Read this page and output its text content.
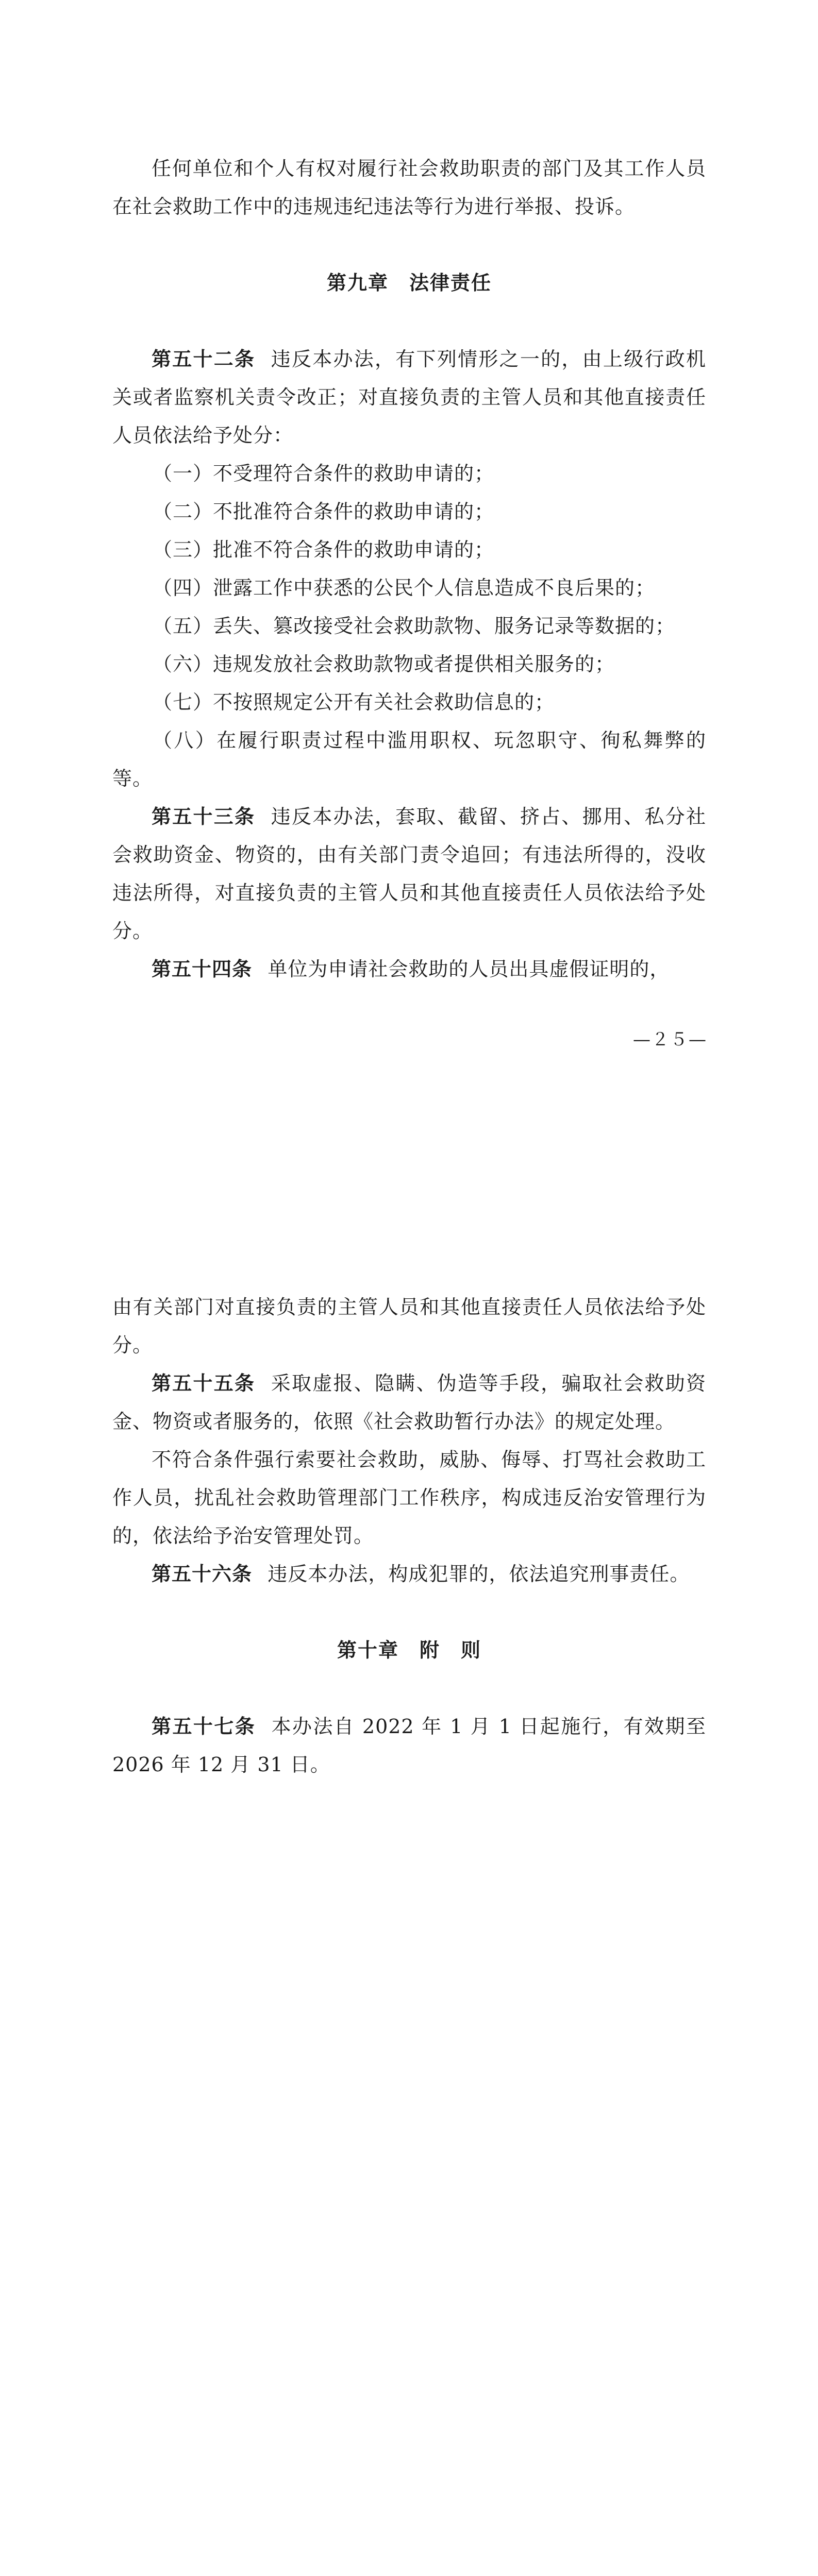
任何单位和个人有权对履行社会救助职责的部门及其工作人员在社会救助工作中的违规违纪违法等行为进行举报、投诉。

第九章　法律责任

第五十二条 违反本办法，有下列情形之一的，由上级行政机关或者监察机关责令改正；对直接负责的主管人员和其他直接责任人员依法给予处分：

（一）不受理符合条件的救助申请的；

（二）不批准符合条件的救助申请的；

（三）批准不符合条件的救助申请的；

（四）泄露工作中获悉的公民个人信息造成不良后果的；

（五）丢失、篡改接受社会救助款物、服务记录等数据的；

（六）违规发放社会救助款物或者提供相关服务的；

（七）不按照规定公开有关社会救助信息的；

（八）在履行职责过程中滥用职权、玩忽职守、徇私舞弊的等。

第五十三条 违反本办法，套取、截留、挤占、挪用、私分社会救助资金、物资的，由有关部门责令追回；有违法所得的，没收违法所得，对直接负责的主管人员和其他直接责任人员依法给予处分。

第五十四条 单位为申请社会救助的人员出具虚假证明的，

—２５—

由有关部门对直接负责的主管人员和其他直接责任人员依法给予处分。

第五十五条 采取虚报、隐瞒、伪造等手段，骗取社会救助资金、物资或者服务的，依照《社会救助暂行办法》的规定处理。

不符合条件强行索要社会救助，威胁、侮辱、打骂社会救助工作人员，扰乱社会救助管理部门工作秩序，构成违反治安管理行为的，依法给予治安管理处罚。

第五十六条 违反本办法，构成犯罪的，依法追究刑事责任。

第十章　附　则

第五十七条 本办法自 2022 年 1 月 1 日起施行，有效期至 2026 年 12 月 31 日。
